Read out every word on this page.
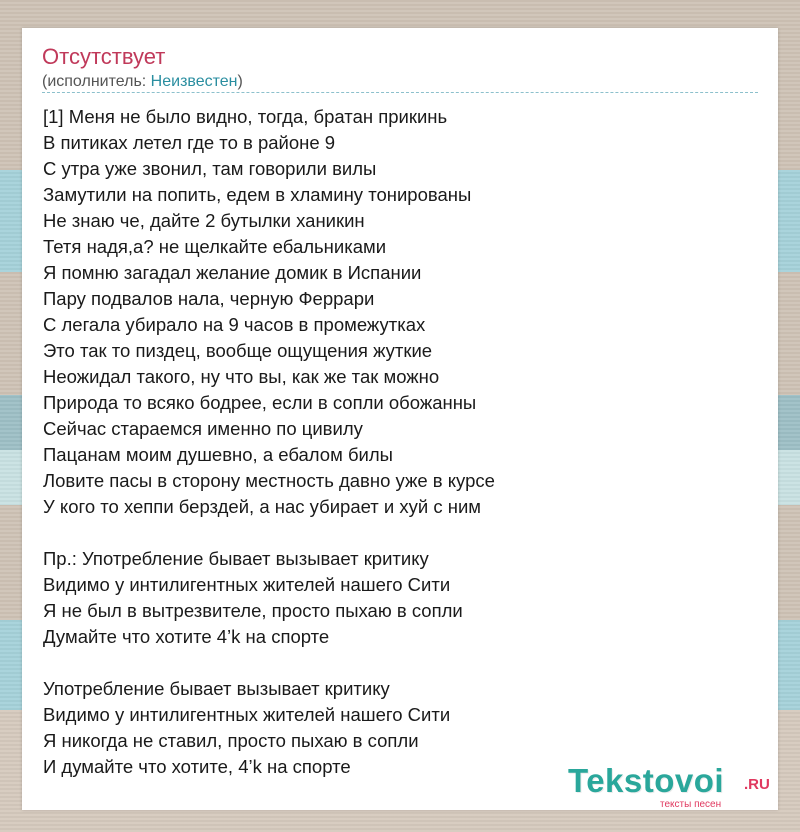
Отсутствует
(исполнитель: Неизвестен)
[1] Меня не было видно, тогда, братан прикинь
В питиках летел где то в районе 9
С утра уже звонил, там говорили вилы
Замутили на попить, едем в хламину тонированы
Не знаю че, дайте 2 бутылки ханикин
Тетя надя,а? не щелкайте ебальниками
Я помню загадал желание домик в Испании
Пару подвалов нала, черную Феррари
С легала убирало на 9 часов в промежутках
Это так то пиздец, вообще ощущения жуткие
Неожидал такого, ну что вы, как же так можно
Природа то всяко бодрее, если в сопли обожанны
Сейчас стараемся именно по цивилу
Пацанам моим душевно, а ебалом билы
Ловите пасы в сторону местность давно уже в курсе
У кого то хеппи берздей, а нас убирает и хуй с ним
Пр.: Употребление бывает вызывает критику
Видимо у интилигентных жителей нашего Сити
Я не был в вытрезвителе, просто пыхаю в сопли
Думайте что хотите 4’k на спорте
Употребление бывает вызывает критику
Видимо у интилигентных жителей нашего Сити
Я никогда не ставил, просто пыхаю в сопли
И думайте что хотите, 4’k на спорте	Tekstovoi .RU
тексты песен
